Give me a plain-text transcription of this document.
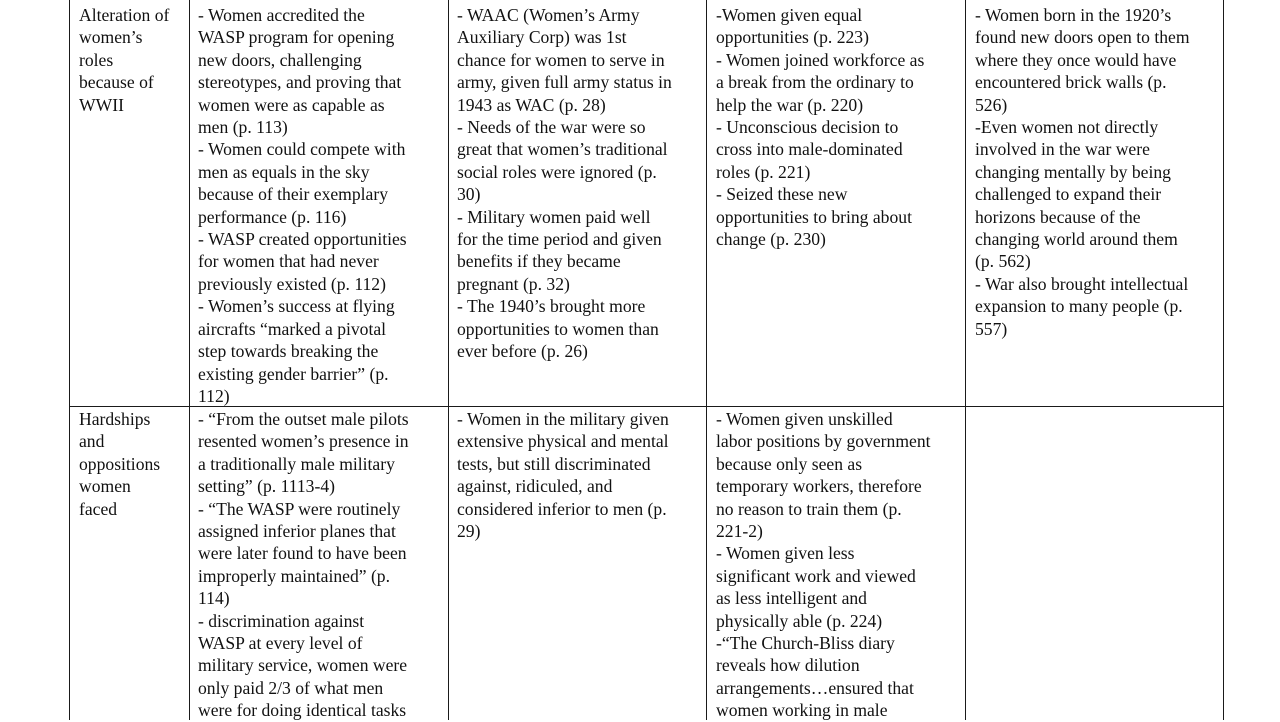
Alteration of
women’s
roles
because of
WWII
- Women accredited the
WASP program for opening
new doors, challenging
stereotypes, and proving that
women were as capable as
men (p. 113)
- Women could compete with
men as equals in the sky
because of their exemplary
performance (p. 116)
- WASP created opportunities
for women that had never
previously existed (p. 112)
- Women’s success at flying
aircrafts “marked a pivotal
step towards breaking the
existing gender barrier” (p.
112)
- WAAC (Women’s Army
Auxiliary Corp) was 1st
chance for women to serve in
army, given full army status in
1943 as WAC (p. 28)
- Needs of the war were so
great that women’s traditional
social roles were ignored (p.
30)
- Military women paid well
for the time period and given
benefits if they became
pregnant (p. 32)
- The 1940’s brought more
opportunities to women than
ever before (p. 26)
-Women given equal
opportunities (p. 223)
- Women joined workforce as
a break from the ordinary to
help the war (p. 220)
- Unconscious decision to
cross into male-dominated
roles (p. 221)
- Seized these new
opportunities to bring about
change (p. 230)
- Women born in the 1920’s
found new doors open to them
where they once would have
encountered brick walls (p.
526)
-Even women not directly
involved in the war were
changing mentally by being
challenged to expand their
horizons because of the
changing world around them
(p. 562)
- War also brought intellectual
expansion to many people (p.
557)
Hardships
and
oppositions
women
faced
- “From the outset male pilots
resented women’s presence in
a traditionally male military
setting” (p. 1113-4)
- “The WASP were routinely
assigned inferior planes that
were later found to have been
improperly maintained” (p.
114)
- discrimination against
WASP at every level of
military service, women were
only paid 2/3 of what men
were for doing identical tasks
- Women in the military given
extensive physical and mental
tests, but still discriminated
against, ridiculed, and
considered inferior to men (p.
29)
- Women given unskilled
labor positions by government
because only seen as
temporary workers, therefore
no reason to train them (p.
221-2)
- Women given less
significant work and viewed
as less intelligent and
physically able (p. 224)
-“The Church-Bliss diary
reveals how dilution
arrangements…ensured that
women working in male
